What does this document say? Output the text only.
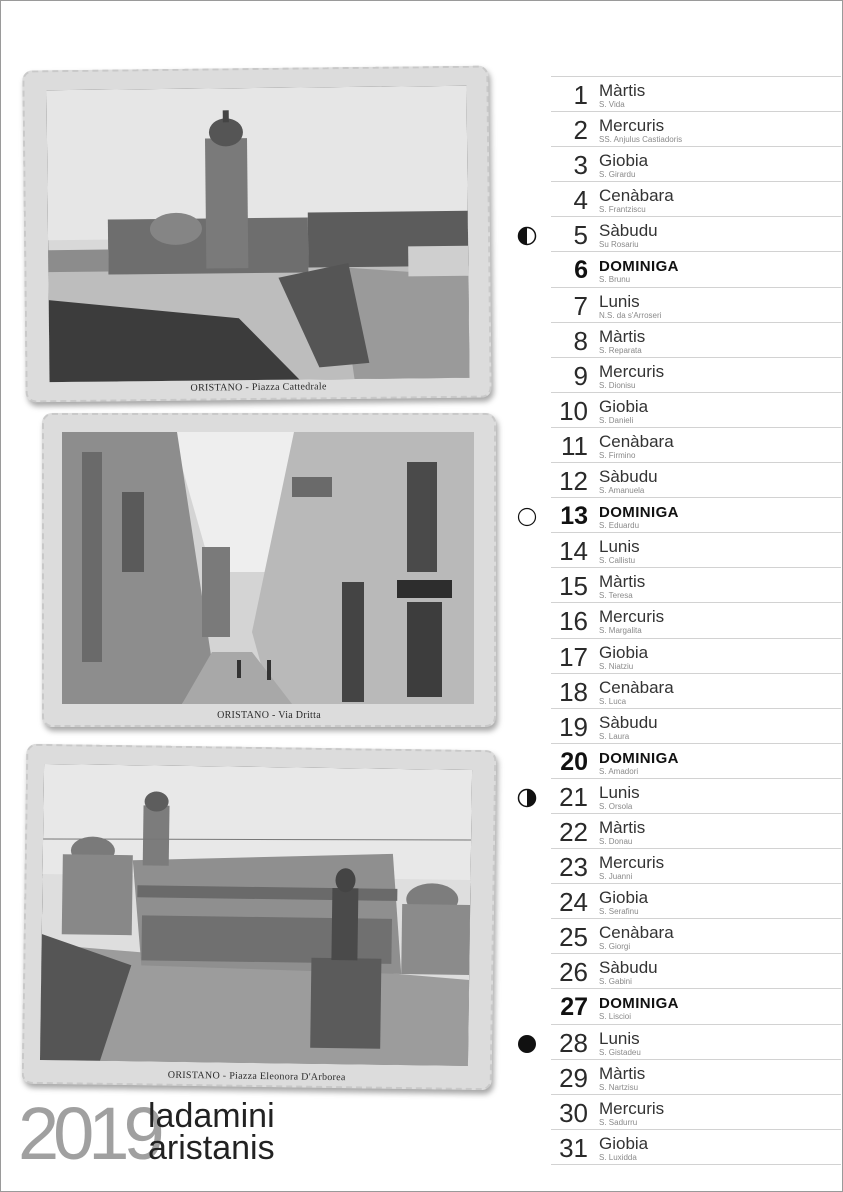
ORISTANO - Piazza Cattedrale
ORISTANO - Via Dritta
ORISTANO - Piazza Eleonora D'Arborea
2019
ladamini
aristanis
1 Màrtis
S. Vida
2 Mercuris
SS. Anjulus Castiadoris
3 Giobia
S. Girardu
4 Cenàbara
S. Frantziscu
5 Sàbudu
Su Rosariu
6 DOMINIGA
S. Brunu
7 Lunis
N.S. da s'Arroseri
8 Màrtis
S. Reparata
9 Mercuris
S. Dionisu
10 Giobia
S. Danieli
11 Cenàbara
S. Firmino
12 Sàbudu
S. Amanuela
13 DOMINIGA
S. Eduardu
14 Lunis
S. Callistu
15 Màrtis
S. Teresa
16 Mercuris
S. Margalita
17 Giobia
S. Niatziu
18 Cenàbara
S. Luca
19 Sàbudu
S. Laura
20 DOMINIGA
S. Amadori
21 Lunis
S. Orsola
22 Màrtis
S. Donau
23 Mercuris
S. Juanni
24 Giobia
S. Serafinu
25 Cenàbara
S. Giorgi
26 Sàbudu
S. Gabini
27 DOMINIGA
S. Liscioi
28 Lunis
S. Gistadeu
29 Màrtis
S. Nartzisu
30 Mercuris
S. Sadurru
31 Giobia
S. Luxidda
